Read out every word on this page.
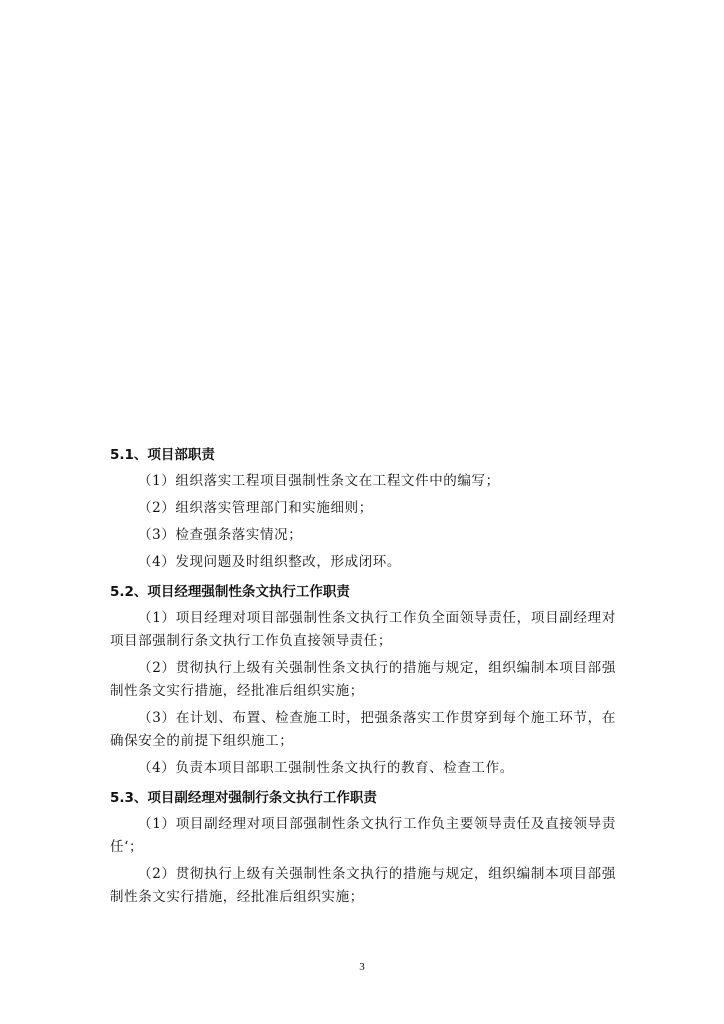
5.1、项目部职责

（1）组织落实工程项目强制性条文在工程文件中的编写；

（2）组织落实管理部门和实施细则；

（3）检查强条落实情况；

（4）发现问题及时组织整改，形成闭环。

5.2、项目经理强制性条文执行工作职责

（1）项目经理对项目部强制性条文执行工作负全面领导责任，项目副经理对项目部强制行条文执行工作负直接领导责任；

（2）贯彻执行上级有关强制性条文执行的措施与规定，组织编制本项目部强制性条文实行措施，经批准后组织实施；

（3）在计划、布置、检查施工时，把强条落实工作贯穿到每个施工环节，在确保安全的前提下组织施工；

（4）负责本项目部职工强制性条文执行的教育、检查工作。

5.3、项目副经理对强制行条文执行工作职责

（1）项目副经理对项目部强制性条文执行工作负主要领导责任及直接领导责任‘；

（2）贯彻执行上级有关强制性条文执行的措施与规定，组织编制本项目部强制性条文实行措施，经批准后组织实施；

3
